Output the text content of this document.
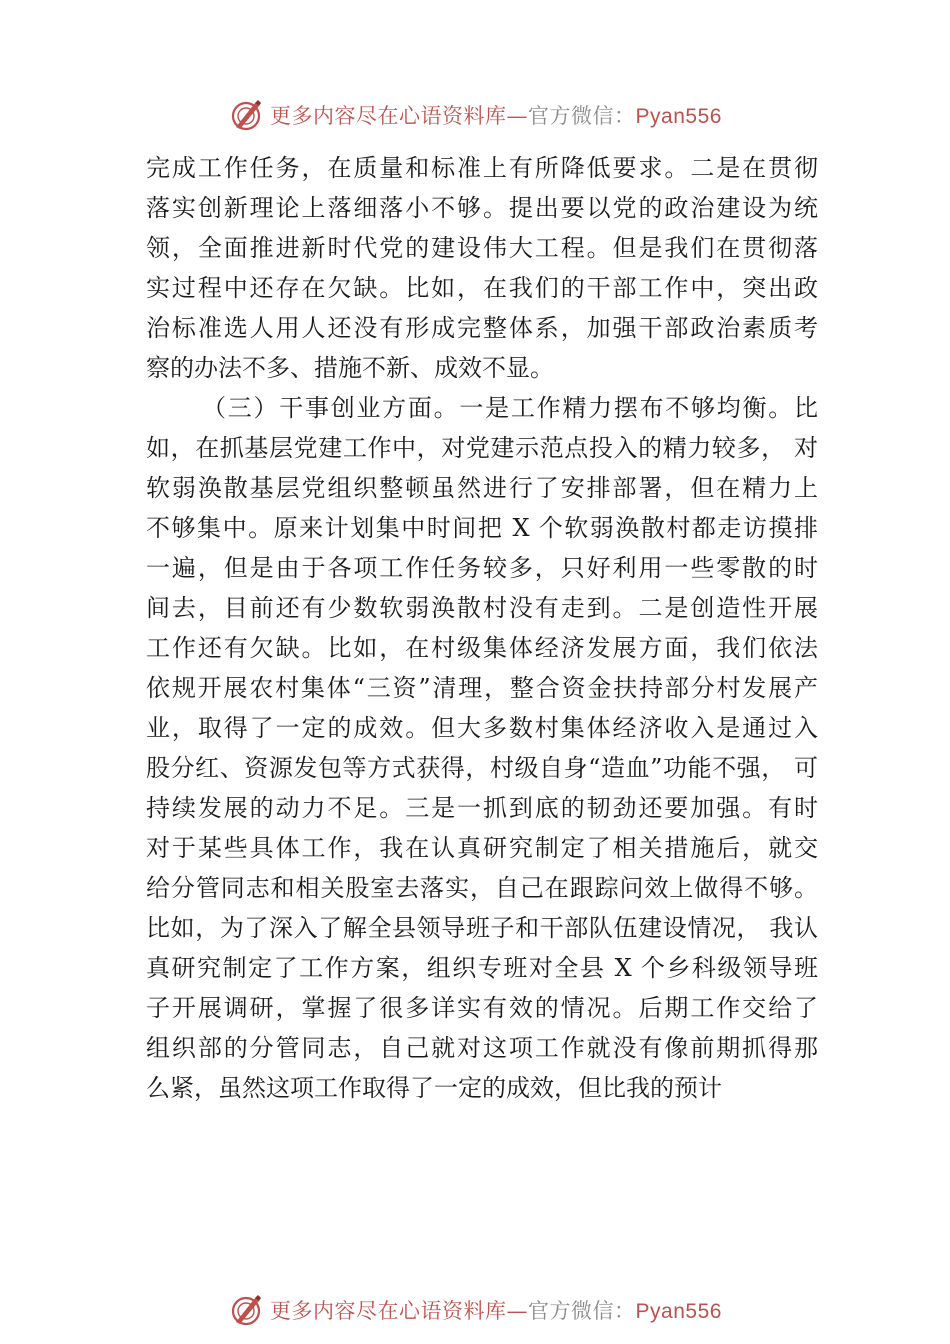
更多内容尽在心语资料库—官方微信：Pyan556
完成工作任务，在质量和标准上有所降低要求。二是在贯彻
落实创新理论上落细落小不够。提出要以党的政治建设为统
领，全面推进新时代党的建设伟大工程。但是我们在贯彻落
实过程中还存在欠缺。比如，在我们的干部工作中，突出政
治标准选人用人还没有形成完整体系，加强干部政治素质考
察的办法不多、措施不新、成效不显。
（三）干事创业方面。一是工作精力摆布不够均衡。比
如，在抓基层党建工作中，对党建示范点投入的精力较多， 对
软弱涣散基层党组织整顿虽然进行了安排部署，但在精力上
不够集中。原来计划集中时间把 X 个软弱涣散村都走访摸排
一遍，但是由于各项工作任务较多，只好利用一些零散的时
间去，目前还有少数软弱涣散村没有走到。二是创造性开展
工作还有欠缺。比如，在村级集体经济发展方面，我们依法
依规开展农村集体“三资”清理，整合资金扶持部分村发展产
业，取得了一定的成效。但大多数村集体经济收入是通过入
股分红、资源发包等方式获得，村级自身“造血”功能不强， 可
持续发展的动力不足。三是一抓到底的韧劲还要加强。有时
对于某些具体工作，我在认真研究制定了相关措施后，就交
给分管同志和相关股室去落实，自己在跟踪问效上做得不够。
比如，为了深入了解全县领导班子和干部队伍建设情况， 我认
真研究制定了工作方案，组织专班对全县 X 个乡科级领导班
子开展调研，掌握了很多详实有效的情况。后期工作交给了
组织部的分管同志，自己就对这项工作就没有像前期抓得那
么紧，虽然这项工作取得了一定的成效，但比我的预计
更多内容尽在心语资料库—官方微信：Pyan556
